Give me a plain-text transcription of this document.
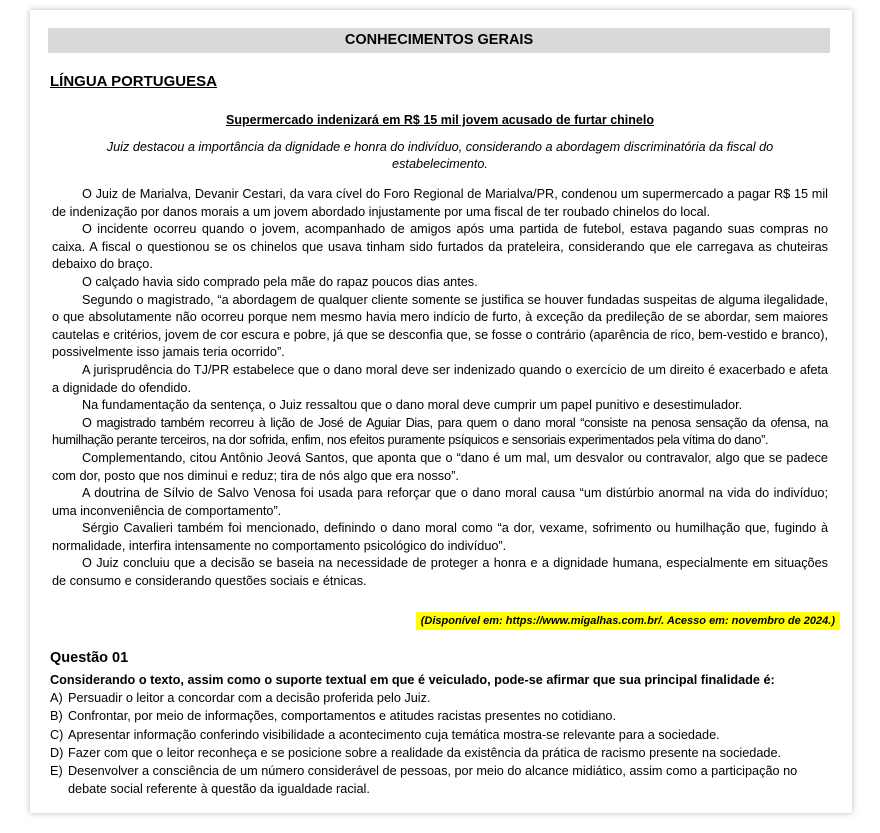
CONHECIMENTOS GERAIS
LÍNGUA PORTUGUESA
Supermercado indenizará em R$ 15 mil jovem acusado de furtar chinelo
Juiz destacou a importância da dignidade e honra do indivíduo, considerando a abordagem discriminatória da fiscal do estabelecimento.

O Juiz de Marialva, Devanir Cestari, da vara cível do Foro Regional de Marialva/PR, condenou um supermercado a pagar R$ 15 mil de indenização por danos morais a um jovem abordado injustamente por uma fiscal de ter roubado chinelos do local.

O incidente ocorreu quando o jovem, acompanhado de amigos após uma partida de futebol, estava pagando suas compras no caixa. A fiscal o questionou se os chinelos que usava tinham sido furtados da prateleira, considerando que ele carregava as chuteiras debaixo do braço.

O calçado havia sido comprado pela mãe do rapaz poucos dias antes.

Segundo o magistrado, “a abordagem de qualquer cliente somente se justifica se houver fundadas suspeitas de alguma ilegalidade, o que absolutamente não ocorreu porque nem mesmo havia mero indício de furto, à exceção da predileção de se abordar, sem maiores cautelas e critérios, jovem de cor escura e pobre, já que se desconfia que, se fosse o contrário (aparência de rico, bem-vestido e branco), possivelmente isso jamais teria ocorrido”.

A jurisprudência do TJ/PR estabelece que o dano moral deve ser indenizado quando o exercício de um direito é exacerbado e afeta a dignidade do ofendido.

Na fundamentação da sentença, o Juiz ressaltou que o dano moral deve cumprir um papel punitivo e desestimulador.

O magistrado também recorreu à lição de José de Aguiar Dias, para quem o dano moral “consiste na penosa sensação da ofensa, na humilhação perante terceiros, na dor sofrida, enfim, nos efeitos puramente psíquicos e sensoriais experimentados pela vítima do dano”.

Complementando, citou Antônio Jeová Santos, que aponta que o “dano é um mal, um desvalor ou contravalor, algo que se padece com dor, posto que nos diminui e reduz; tira de nós algo que era nosso”.

A doutrina de Sílvio de Salvo Venosa foi usada para reforçar que o dano moral causa “um distúrbio anormal na vida do indivíduo; uma inconveniência de comportamento”.

Sérgio Cavalieri também foi mencionado, definindo o dano moral como “a dor, vexame, sofrimento ou humilhação que, fugindo à normalidade, interfira intensamente no comportamento psicológico do indivíduo”.

O Juiz concluiu que a decisão se baseia na necessidade de proteger a honra e a dignidade humana, especialmente em situações de consumo e considerando questões sociais e étnicas.

(Disponível em: https://www.migalhas.com.br/. Acesso em: novembro de 2024.)
Questão 01
Considerando o texto, assim como o suporte textual em que é veiculado, pode-se afirmar que sua principal finalidade é:
A) Persuadir o leitor a concordar com a decisão proferida pelo Juiz.
B) Confrontar, por meio de informações, comportamentos e atitudes racistas presentes no cotidiano.
C) Apresentar informação conferindo visibilidade a acontecimento cuja temática mostra-se relevante para a sociedade.
D) Fazer com que o leitor reconheça e se posicione sobre a realidade da existência da prática de racismo presente na sociedade.
E) Desenvolver a consciência de um número considerável de pessoas, por meio do alcance midiático, assim como a participação no debate social referente à questão da igualdade racial.
